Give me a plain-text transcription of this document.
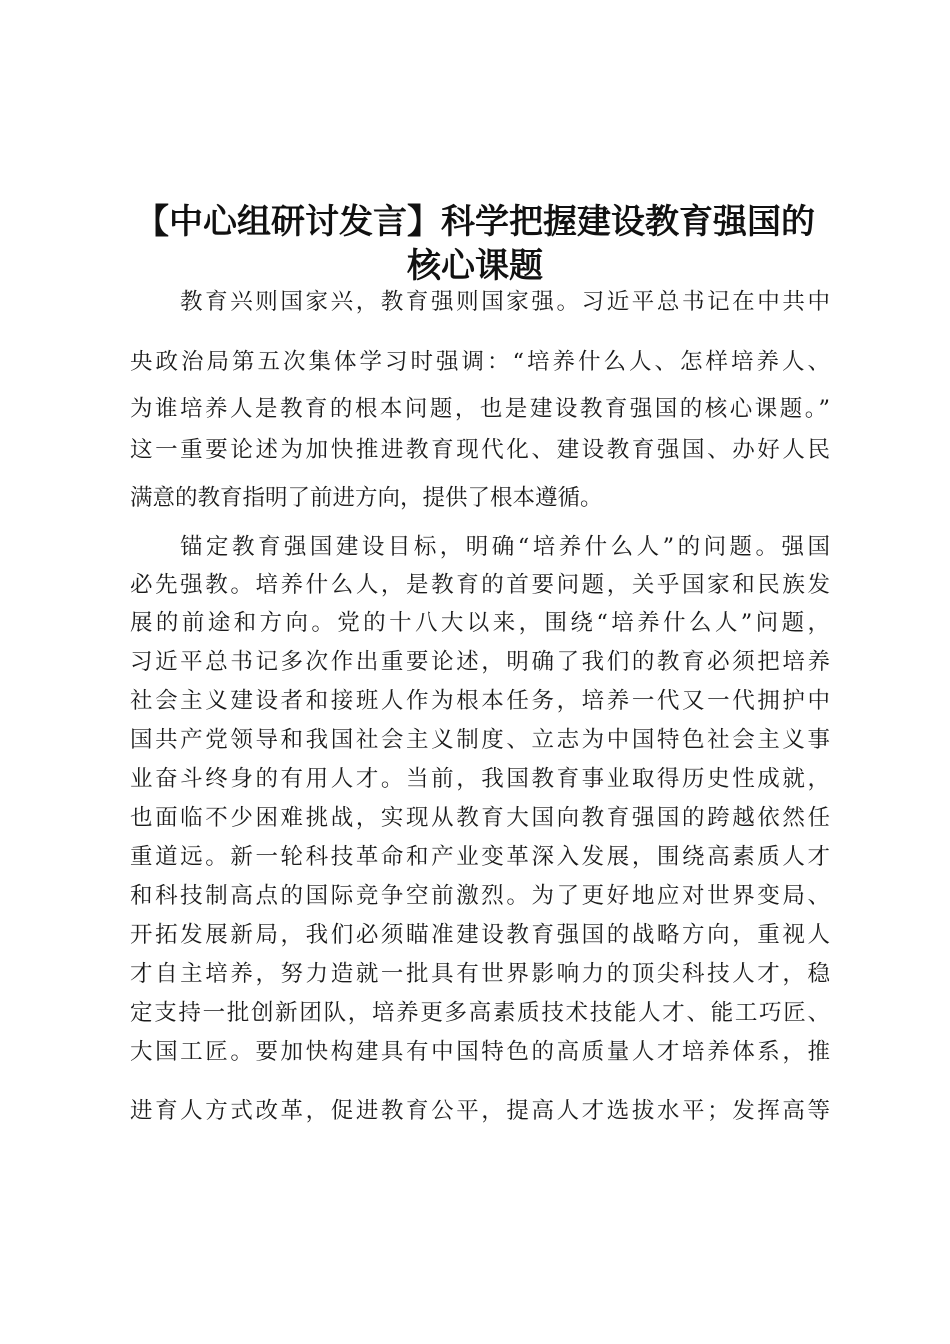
【中心组研讨发言】科学把握建设教育强国的
核心课题
教育兴则国家兴，教育强则国家强。习近平总书记在中共中
央政治局第五次集体学习时强调：“培养什么人、怎样培养人、
为谁培养人是教育的根本问题，也是建设教育强国的核心课题。”
这一重要论述为加快推进教育现代化、建设教育强国、办好人民
满意的教育指明了前进方向，提供了根本遵循。
锚定教育强国建设目标，明确“培养什么人”的问题。强国
必先强教。培养什么人，是教育的首要问题，关乎国家和民族发
展的前途和方向。党的十八大以来，围绕“培养什么人”问题，
习近平总书记多次作出重要论述，明确了我们的教育必须把培养
社会主义建设者和接班人作为根本任务，培养一代又一代拥护中
国共产党领导和我国社会主义制度、立志为中国特色社会主义事
业奋斗终身的有用人才。当前，我国教育事业取得历史性成就，
也面临不少困难挑战，实现从教育大国向教育强国的跨越依然任
重道远。新一轮科技革命和产业变革深入发展，围绕高素质人才
和科技制高点的国际竞争空前激烈。为了更好地应对世界变局、
开拓发展新局，我们必须瞄准建设教育强国的战略方向，重视人
才自主培养，努力造就一批具有世界影响力的顶尖科技人才，稳
定支持一批创新团队，培养更多高素质技术技能人才、能工巧匠、
大国工匠。要加快构建具有中国特色的高质量人才培养体系，推
进育人方式改革，促进教育公平，提高人才选拔水平；发挥高等
